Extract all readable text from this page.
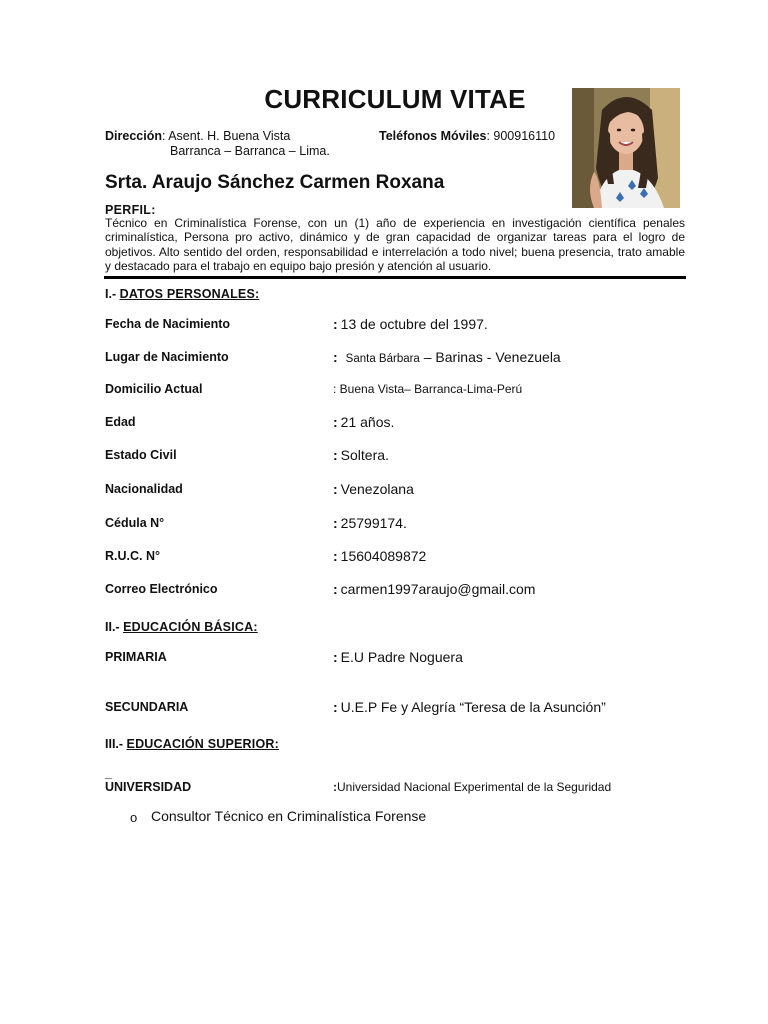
CURRICULUM VITAE
Dirección: Asent. H. Buena Vista
Barranca – Barranca – Lima.
Teléfonos Móviles: 900916110
Srta. Araujo Sánchez Carmen Roxana
PERFIL:
Técnico en Criminalística Forense, con un (1) año de experiencia en investigación científica penales criminalística, Persona pro activo, dinámico y de gran capacidad de organizar tareas para el logro de objetivos. Alto sentido del orden, responsabilidad e interrelación a todo nivel; buena presencia, trato amable y destacado para el trabajo en equipo bajo presión y atención al usuario.
I.- DATOS PERSONALES:
Fecha de Nacimiento	: 13 de octubre del 1997.
Lugar de Nacimiento	: Santa Bárbara – Barinas - Venezuela
Domicilio Actual	: Buena Vista– Barranca-Lima-Perú
Edad	: 21 años.
Estado Civil	: Soltera.
Nacionalidad	: Venezolana
Cédula N°	: 25799174.
R.U.C. N°	: 15604089872
Correo Electrónico	: carmen1997araujo@gmail.com
II.- EDUCACIÓN BÁSICA:
PRIMARIA	: E.U Padre Noguera
SECUNDARIA	: U.E.P Fe y Alegría “Teresa de la Asunción”
III.- EDUCACIÓN SUPERIOR:
_
UNIVERSIDAD	:Universidad Nacional Experimental de la Seguridad
o Consultor Técnico en Criminalística Forense
